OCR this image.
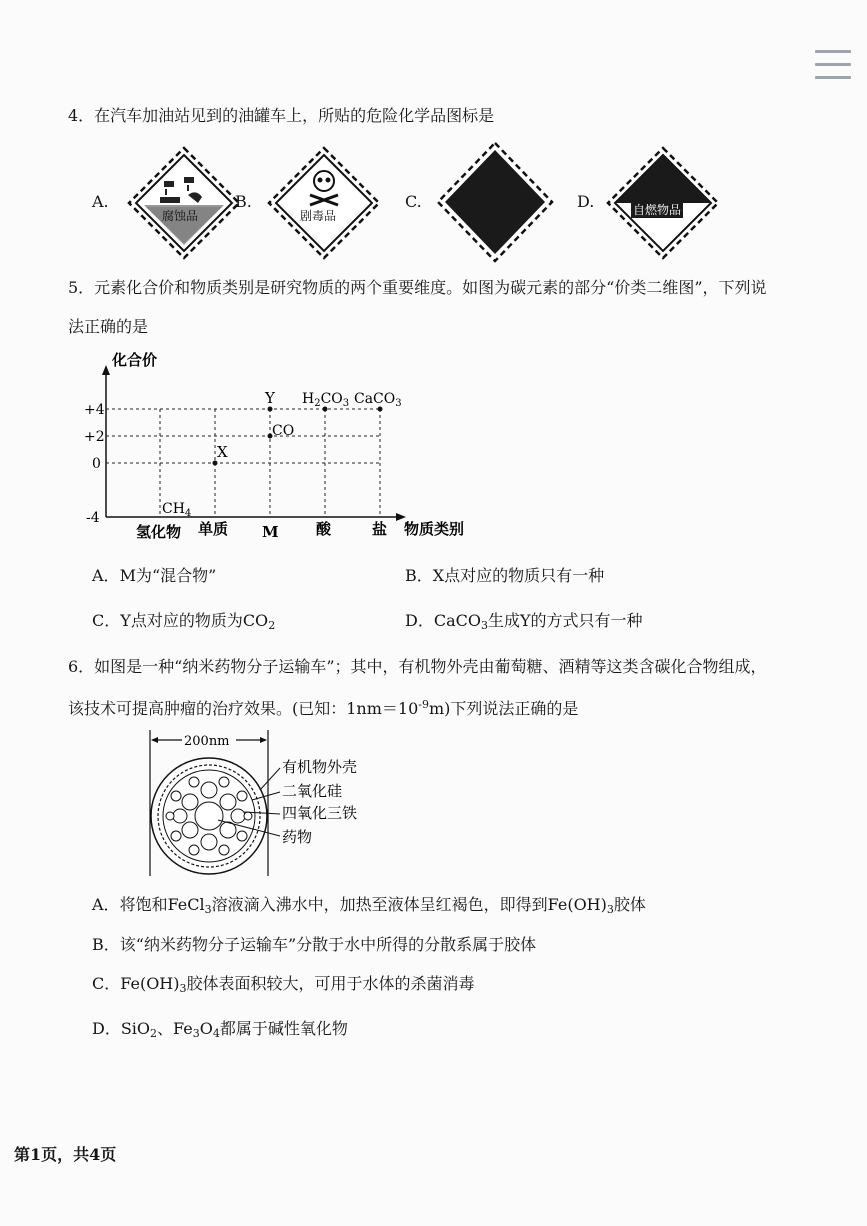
4．在汽车加油站见到的油罐车上，所贴的危险化学品图标是
A.
腐蚀品
B.
剧毒品
C.	D.	自燃物品
5．元素化合价和物质类别是研究物质的两个重要维度。如图为碳元素的部分“价类二维图”，下列说
法正确的是
化合价
+4
+2
0
-4
氢化物 单质 M 酸	盐 物质类别
Y $H_2CO_3$ CaCO$_3$
CO
X
$CH_4$
A．M为“混合物”	B．X点对应的物质只有一种
C．Y点对应的物质为$CO_2$	D．CaCO$_3$生成Y的方式只有一种
6．如图是一种“纳米药物分子运输车”；其中，有机物外壳由葡萄糖、酒精等这类含碳化合物组成，
该技术可提高肿瘤的治疗效果。(已知：$1nm=10^{-9}m$)下列说法正确的是
200nm
有机物外壳
二氧化硅
四氧化三铁
药物
A．将饱和FeCl$_3$溶液滴入沸水中，加热至液体呈红褐色，即得到$Fe(OH)_3$胶体
B．该“纳米药物分子运输车”分散于水中所得的分散系属于胶体
C．$Fe(OH)_3$胶体表面积较大，可用于水体的杀菌消毒
D．SiO$_2$、$Fe_3O_4$都属于碱性氧化物
第1页，共4页
